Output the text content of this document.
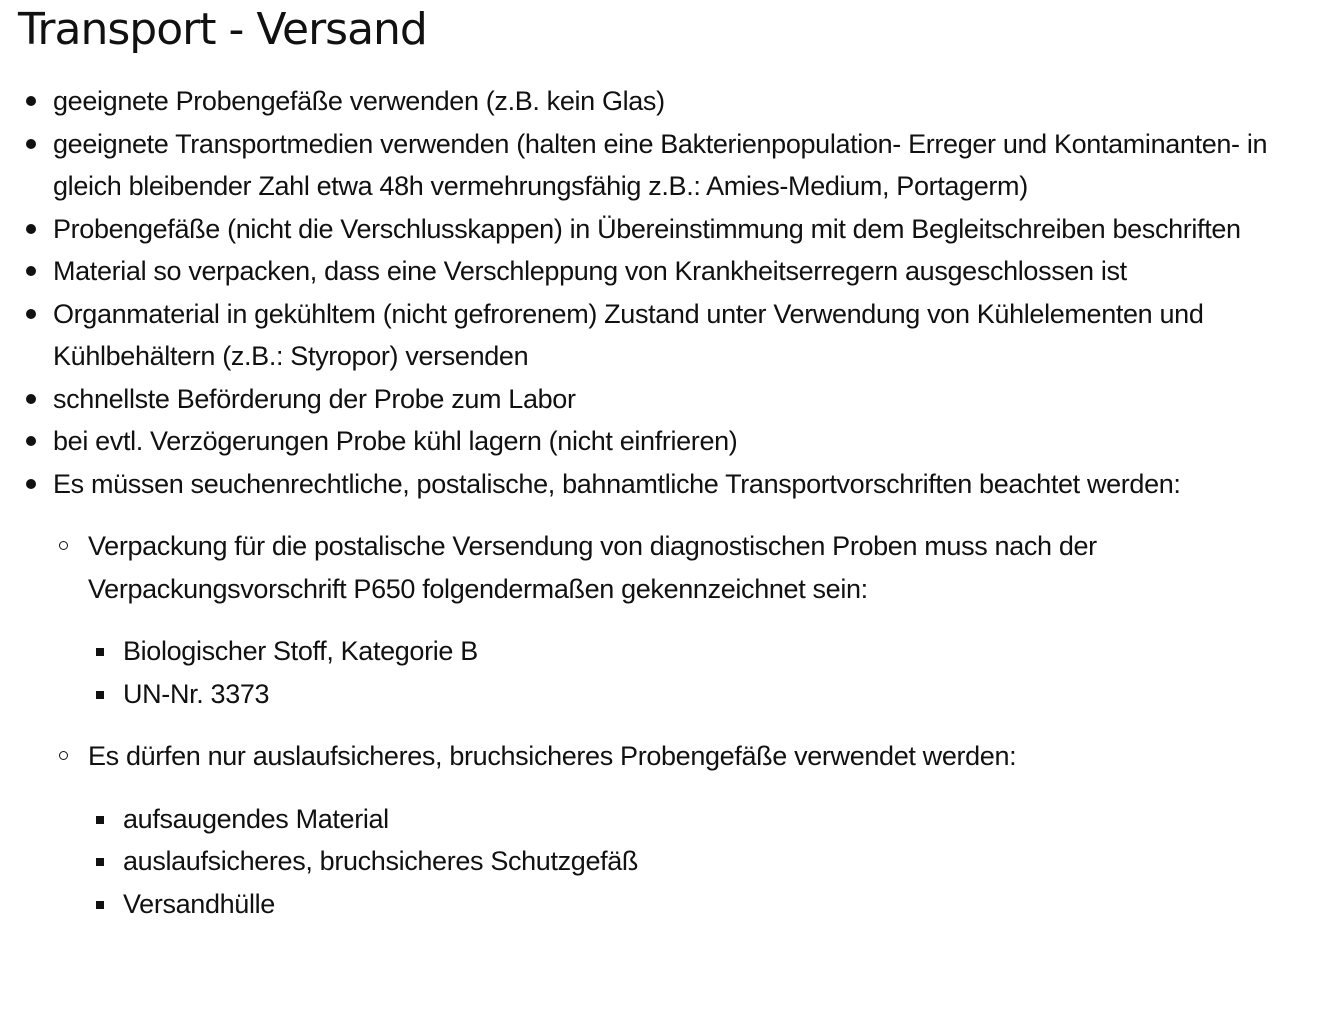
Transport - Versand
geeignete Probengefäße verwenden (z.B. kein Glas)
geeignete Transportmedien verwenden (halten eine Bakterienpopulation- Erreger und Kontaminanten- in gleich bleibender Zahl etwa 48h vermehrungsfähig z.B.: Amies-Medium, Portagerm)
Probengefäße (nicht die Verschlusskappen) in Übereinstimmung mit dem Begleitschreiben beschriften
Material so verpacken, dass eine Verschleppung von Krankheitserregern ausgeschlossen ist
Organmaterial in gekühltem (nicht gefrorenem) Zustand unter Verwendung von Kühlelementen und Kühlbehältern (z.B.: Styropor) versenden
schnellste Beförderung der Probe zum Labor
bei evtl. Verzögerungen Probe kühl lagern (nicht einfrieren)
Es müssen seuchenrechtliche, postalische, bahnamtliche Transportvorschriften beachtet werden:
Verpackung für die postalische Versendung von diagnostischen Proben muss nach der Verpackungsvorschrift P650 folgendermaßen gekennzeichnet sein:
Biologischer Stoff, Kategorie B
UN-Nr. 3373
Es dürfen nur auslaufsicheres, bruchsicheres Probengefäße verwendet werden:
aufsaugendes Material
auslaufsicheres, bruchsicheres Schutzgefäß
Versandhülle
